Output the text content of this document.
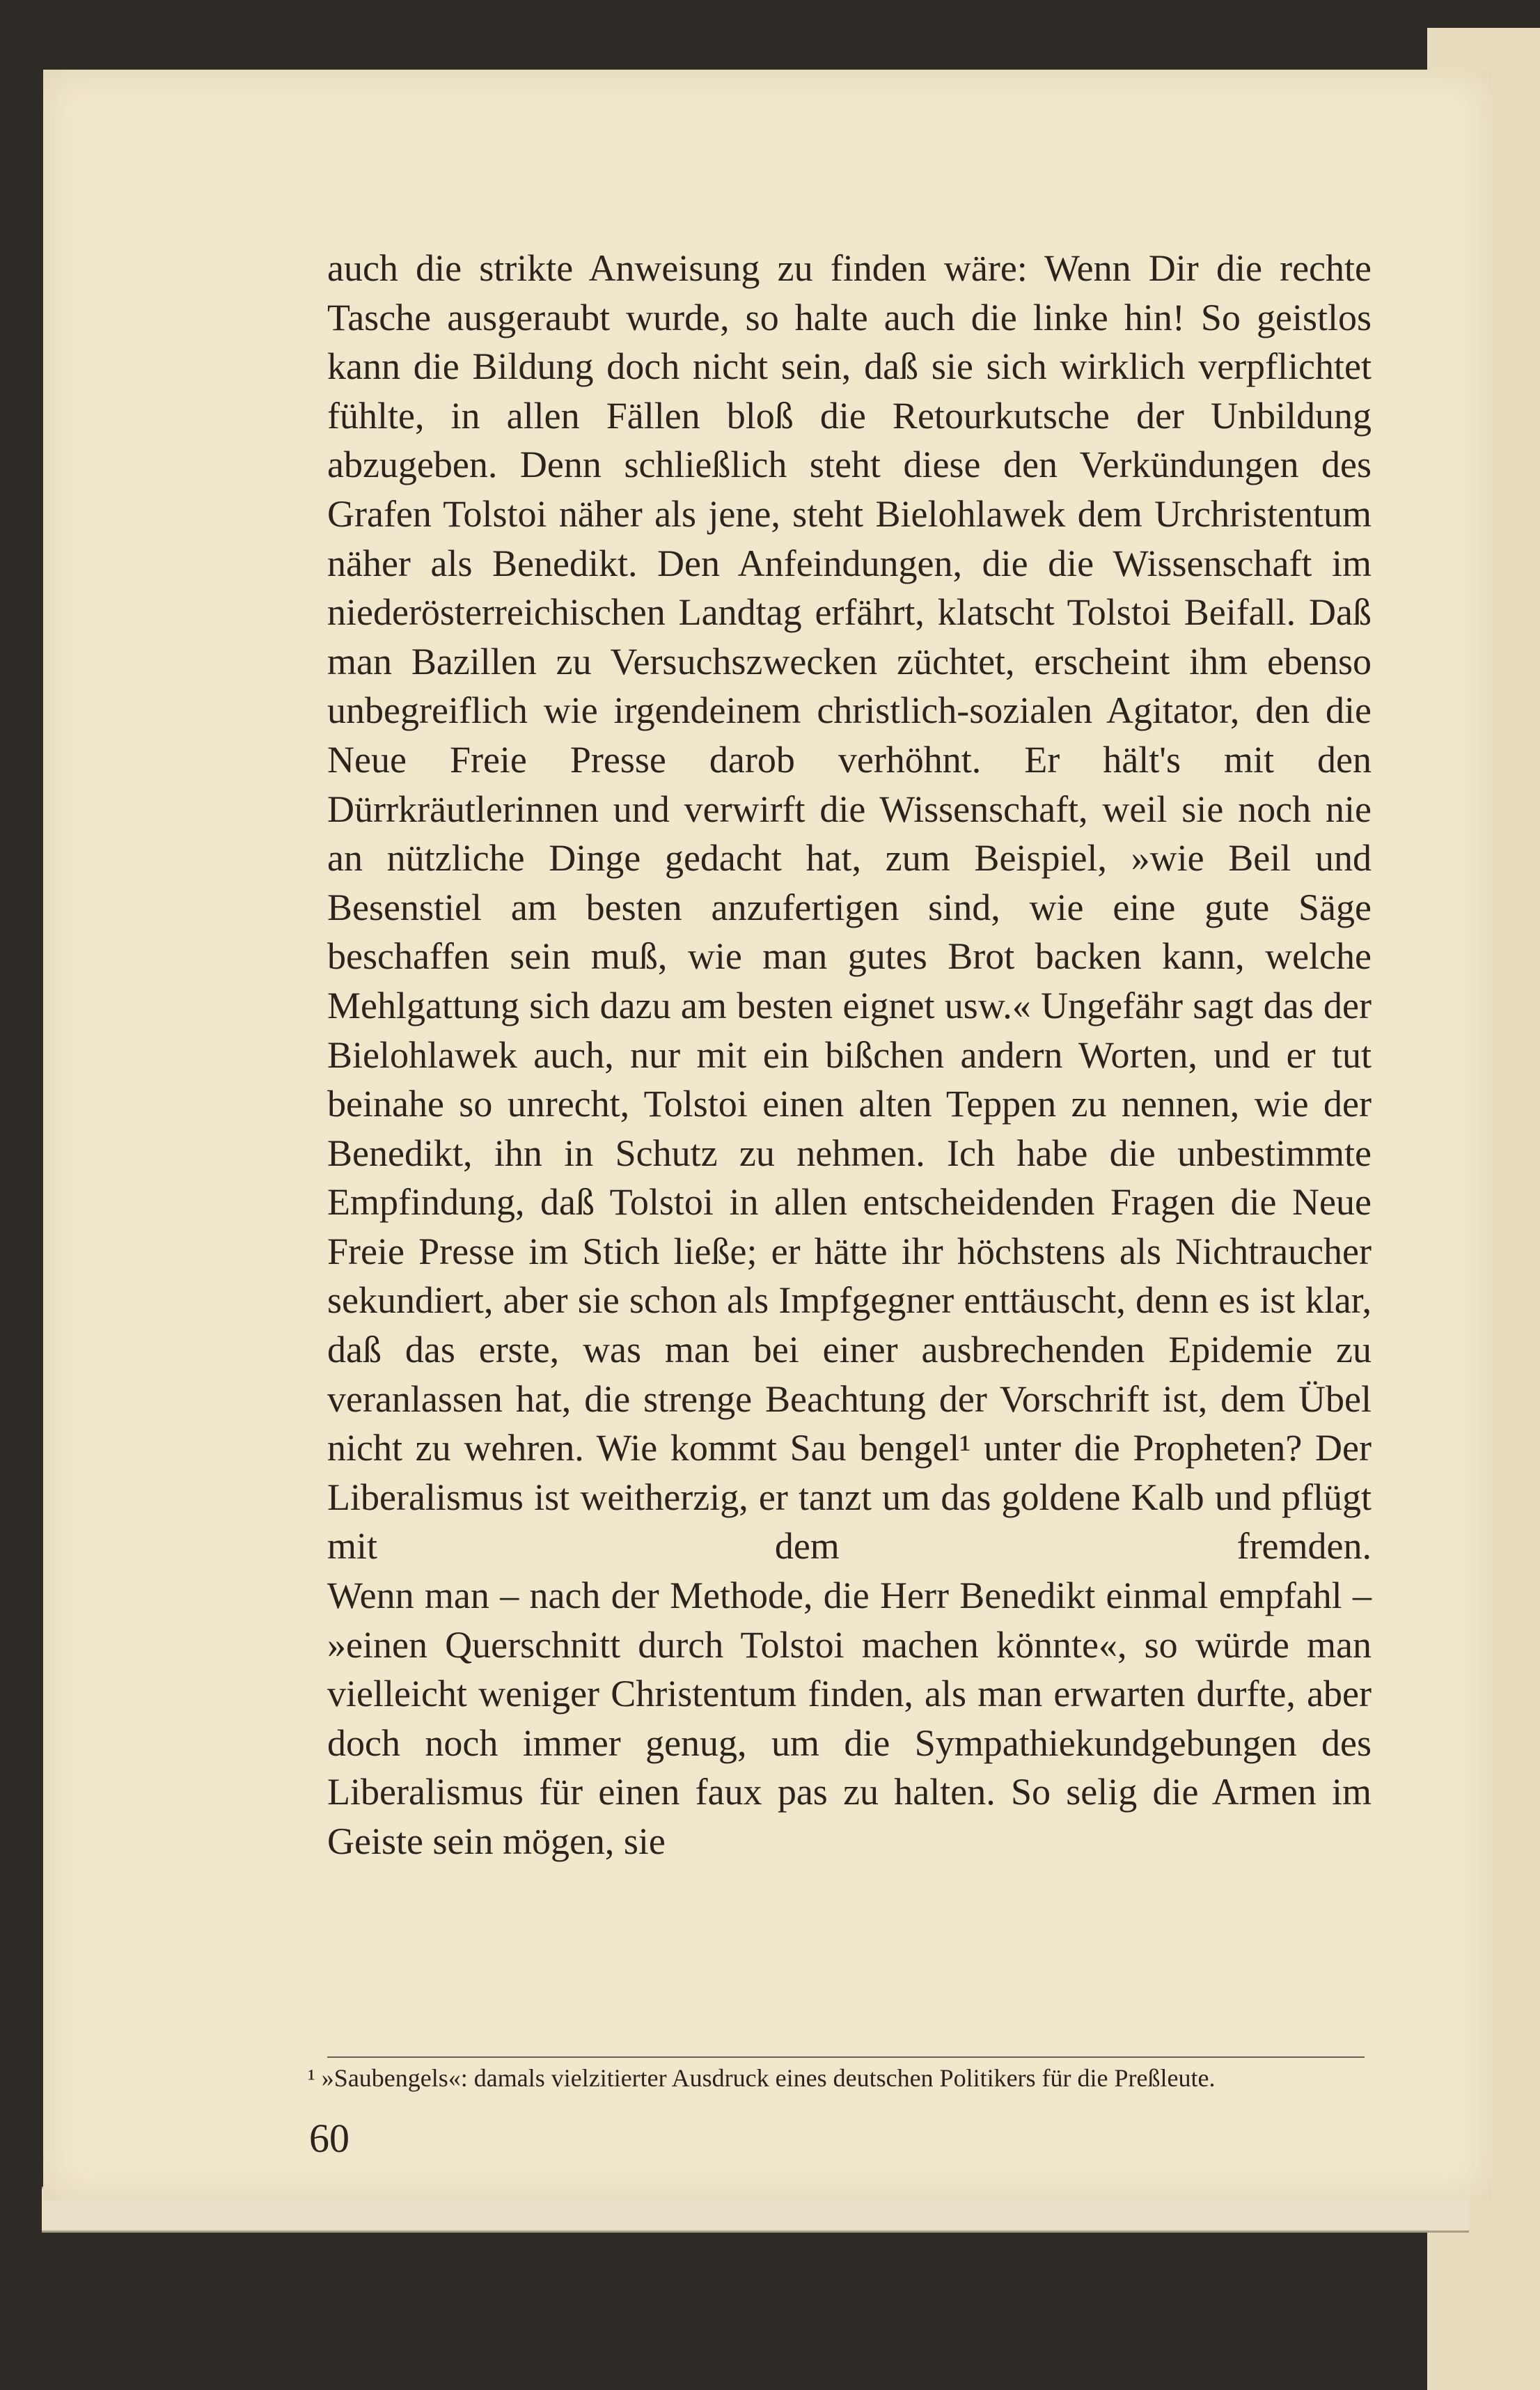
auch die strikte Anweisung zu finden wäre: Wenn Dir die rechte Tasche ausgeraubt wurde, so halte auch die linke hin! So geistlos kann die Bildung doch nicht sein, daß sie sich wirklich verpflichtet fühlte, in allen Fällen bloß die Retourkutsche der Unbildung abzugeben. Denn schließlich steht diese den Verkündungen des Grafen Tolstoi näher als jene, steht Bielohlawek dem Urchristentum näher als Benedikt. Den Anfeindungen, die die Wissenschaft im niederösterreichischen Landtag erfährt, klatscht Tolstoi Beifall. Daß man Bazillen zu Versuchszwecken züchtet, erscheint ihm ebenso unbegreiflich wie irgendeinem christlich-sozialen Agitator, den die Neue Freie Presse darob verhöhnt. Er hält's mit den Dürrkräutlerinnen und verwirft die Wissenschaft, weil sie noch nie an nützliche Dinge gedacht hat, zum Beispiel, »wie Beil und Besenstiel am besten anzufertigen sind, wie eine gute Säge beschaffen sein muß, wie man gutes Brot backen kann, welche Mehlgattung sich dazu am besten eignet usw.« Ungefähr sagt das der Bielohlawek auch, nur mit ein bißchen andern Worten, und er tut beinahe so unrecht, Tolstoi einen alten Teppen zu nennen, wie der Benedikt, ihn in Schutz zu nehmen. Ich habe die unbestimmte Empfindung, daß Tolstoi in allen entscheidenden Fragen die Neue Freie Presse im Stich ließe; er hätte ihr höchstens als Nichtraucher sekundiert, aber sie schon als Impfgegner enttäuscht, denn es ist klar, daß das erste, was man bei einer ausbrechenden Epidemie zu veranlassen hat, die strenge Beachtung der Vorschrift ist, dem Übel nicht zu wehren. Wie kommt Sau bengel¹ unter die Propheten? Der Liberalismus ist weitherzig, er tanzt um das goldene Kalb und pflügt mit dem fremden.

Wenn man – nach der Methode, die Herr Benedikt einmal empfahl – »einen Querschnitt durch Tolstoi machen könnte«, so würde man vielleicht weniger Christentum finden, als man erwarten durfte, aber doch noch immer genug, um die Sympathiekundgebungen des Liberalismus für einen faux pas zu halten. So selig die Armen im Geiste sein mögen, sie

¹ »Saubengels«: damals vielzitierter Ausdruck eines deutschen Politikers für die Preßleute.
60
